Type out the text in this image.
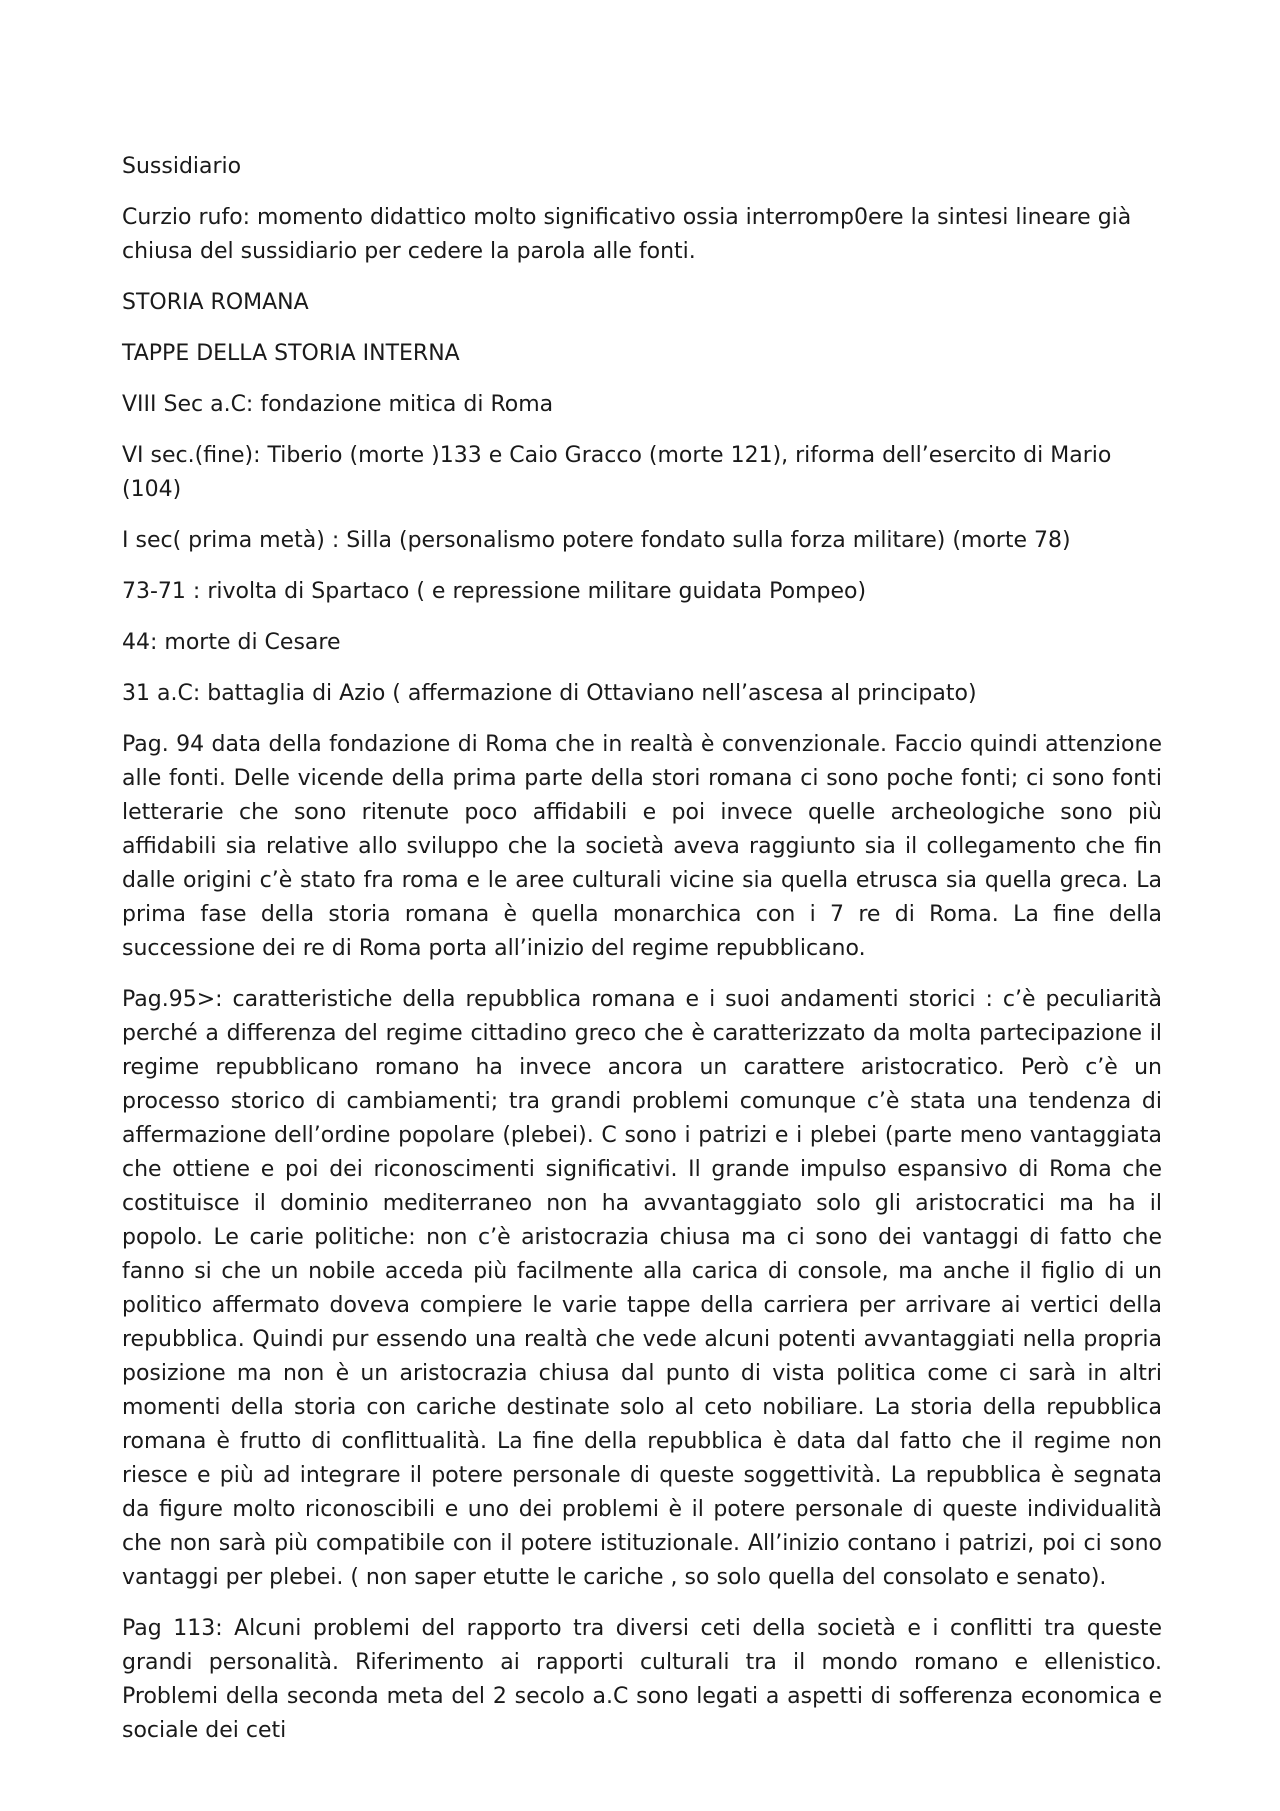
Sussidiario

Curzio rufo: momento didattico molto significativo ossia interromp0ere la sintesi lineare già chiusa del sussidiario per cedere la parola alle fonti.

STORIA ROMANA

TAPPE DELLA STORIA INTERNA

VIII Sec a.C: fondazione mitica di Roma

VI sec.(fine): Tiberio (morte )133 e Caio Gracco (morte 121), riforma dell’esercito di Mario (104)

I sec( prima metà) : Silla (personalismo potere fondato sulla forza militare) (morte 78)

73-71 : rivolta di Spartaco ( e repressione militare guidata Pompeo)

44: morte di Cesare

31 a.C: battaglia di Azio ( affermazione di Ottaviano nell’ascesa al principato)

Pag. 94 data della fondazione di Roma che in realtà è convenzionale. Faccio quindi attenzione alle fonti. Delle vicende della prima parte della stori romana ci sono poche fonti; ci sono fonti letterarie che sono ritenute poco affidabili e poi invece quelle archeologiche sono più affidabili sia relative allo sviluppo che la società aveva raggiunto sia il collegamento che fin dalle origini c’è stato fra roma e le aree culturali vicine sia quella etrusca sia quella greca. La prima fase della storia romana è quella monarchica con i 7 re di Roma. La fine della successione dei re di Roma porta all’inizio del regime repubblicano.

Pag.95>: caratteristiche della repubblica romana e i suoi andamenti storici : c’è peculiarità perché a differenza del regime cittadino greco che è caratterizzato da molta partecipazione il regime repubblicano romano ha invece ancora un carattere aristocratico. Però c’è un processo storico di cambiamenti; tra grandi problemi comunque c’è stata una tendenza di affermazione dell’ordine popolare (plebei). C sono i patrizi e i plebei (parte meno vantaggiata che ottiene e poi dei riconoscimenti significativi. Il grande impulso espansivo di Roma che costituisce il dominio mediterraneo non ha avvantaggiato solo gli aristocratici ma ha il popolo. Le carie politiche: non c’è aristocrazia chiusa ma ci sono dei vantaggi di fatto che fanno si che un nobile acceda più facilmente alla carica di console, ma anche il figlio di un politico affermato doveva compiere le varie tappe della carriera per arrivare ai vertici della repubblica. Quindi pur essendo una realtà che vede alcuni potenti avvantaggiati nella propria posizione ma non è un aristocrazia chiusa dal punto di vista politica come ci sarà in altri momenti della storia con cariche destinate solo al ceto nobiliare. La storia della repubblica romana è frutto di conflittualità. La fine della repubblica è data dal fatto che il regime non riesce e più ad integrare il potere personale di queste soggettività. La repubblica è segnata da figure molto riconoscibili e uno dei problemi è il potere personale di queste individualità che non sarà più compatibile con il potere istituzionale. All’inizio contano i patrizi, poi ci sono vantaggi per plebei. ( non saper etutte le cariche , so solo quella del consolato e senato).

Pag 113: Alcuni problemi del rapporto tra diversi ceti della società e i conflitti tra queste grandi personalità. Riferimento ai rapporti culturali tra il mondo romano e ellenistico. Problemi della seconda meta del 2 secolo a.C sono legati a aspetti di sofferenza economica e sociale dei ceti
